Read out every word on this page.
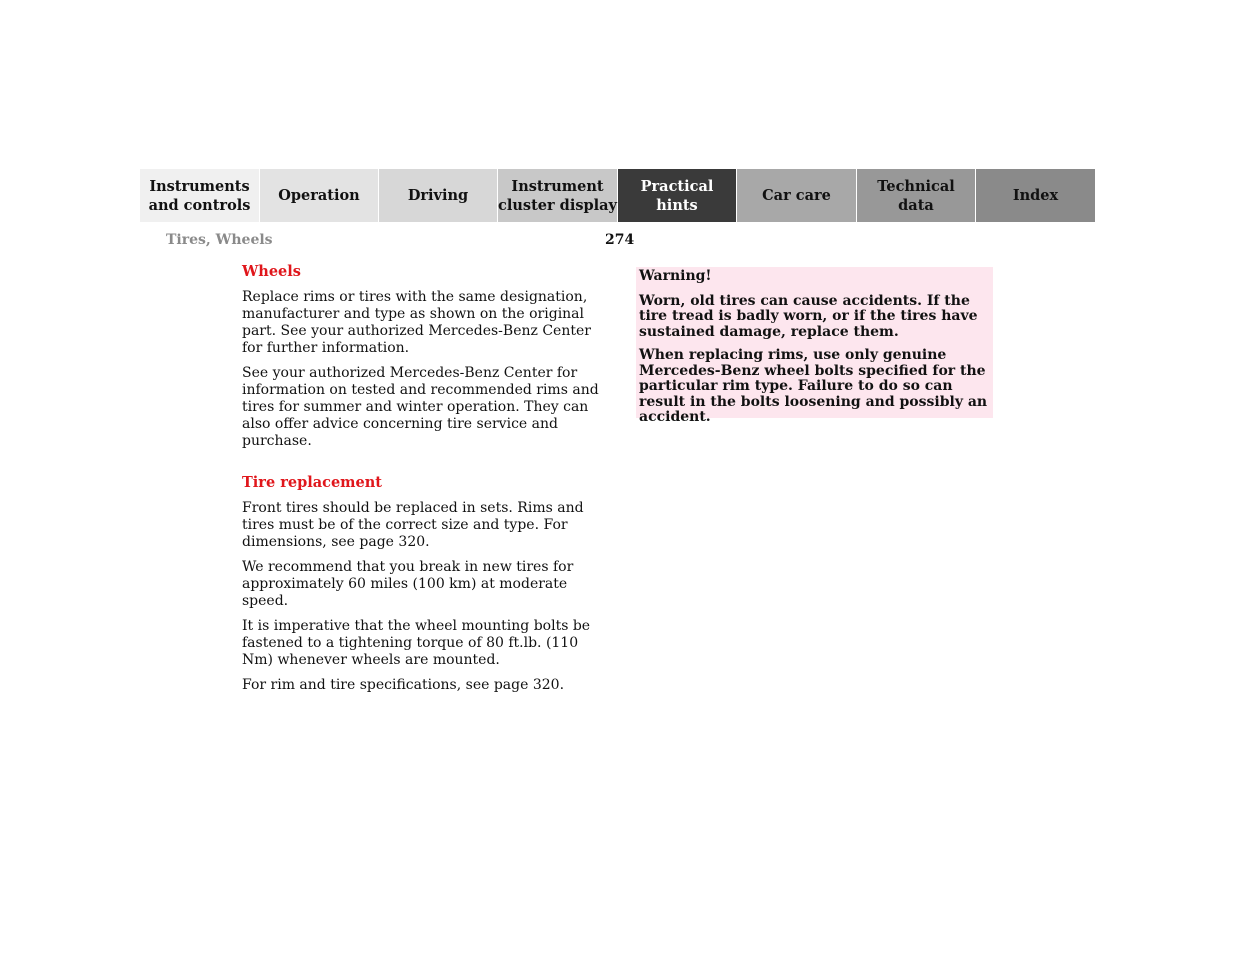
Instruments
and controls
Operation	Driving
Instrument
cluster display
Practical hints
Car care
Technical
data
Index
Tires, Wheels	274
Wheels

Replace rims or tires with the same designation, manufacturer and type as shown on the original part. See your authorized Mercedes-Benz Center for further information.

See your authorized Mercedes-Benz Center for information on tested and recommended rims and tires for summer and winter operation. They can also offer advice concerning tire service and purchase.

Tire replacement

Front tires should be replaced in sets. Rims and tires must be of the correct size and type. For dimensions, see page 320.

We recommend that you break in new tires for approximately 60 miles (100 km) at moderate speed.

It is imperative that the wheel mounting bolts be fastened to a tightening torque of 80 ft.lb. (110 Nm) whenever wheels are mounted.

For rim and tire specifications, see page 320.

Warning!

Worn, old tires can cause accidents. If the tire tread is badly worn, or if the tires have sustained damage, replace them.

When replacing rims, use only genuine Mercedes-Benz wheel bolts specified for the particular rim type. Failure to do so can result in the bolts loosening and possibly an accident.
